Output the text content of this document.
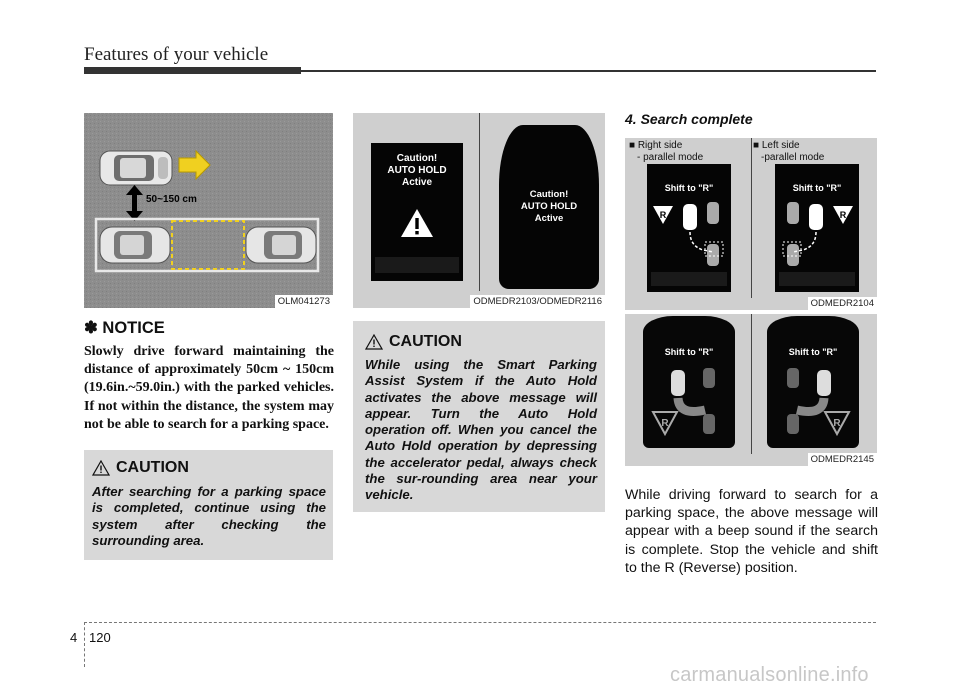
Features of your vehicle
50~150 cm
OLM041273
Caution!
AUTO HOLD
Active
Caution!
AUTO HOLD
Active
ODMEDR2103/ODMEDR2116
4. Search complete
■ Right side
- parallel mode
■ Left side
-parallel mode
Shift to "R"
R
Shift to "R"
R
ODMEDR2104
Shift to "R"
R
Shift to "R"
R
ODMEDR2145
✽ NOTICE
Slowly drive forward maintaining the distance of approximately 50cm ~ 150cm (19.6in.~59.0in.) with the parked vehicles. If not within the distance, the system may not be able to search for a parking space.
CAUTION
After searching for a parking space is completed, continue using the system after checking the surrounding area.
CAUTION
While using the Smart Parking Assist System if the Auto Hold activates the above message will appear. Turn the Auto Hold operation off. When you cancel the Auto Hold operation by depressing the accelerator pedal, always check the sur-rounding area near your vehicle.	While driving forward to search for a parking space, the above message will appear with a beep sound if the search is complete. Stop the vehicle and shift to the R (Reverse) position.
4 120
carmanualsonline.info
